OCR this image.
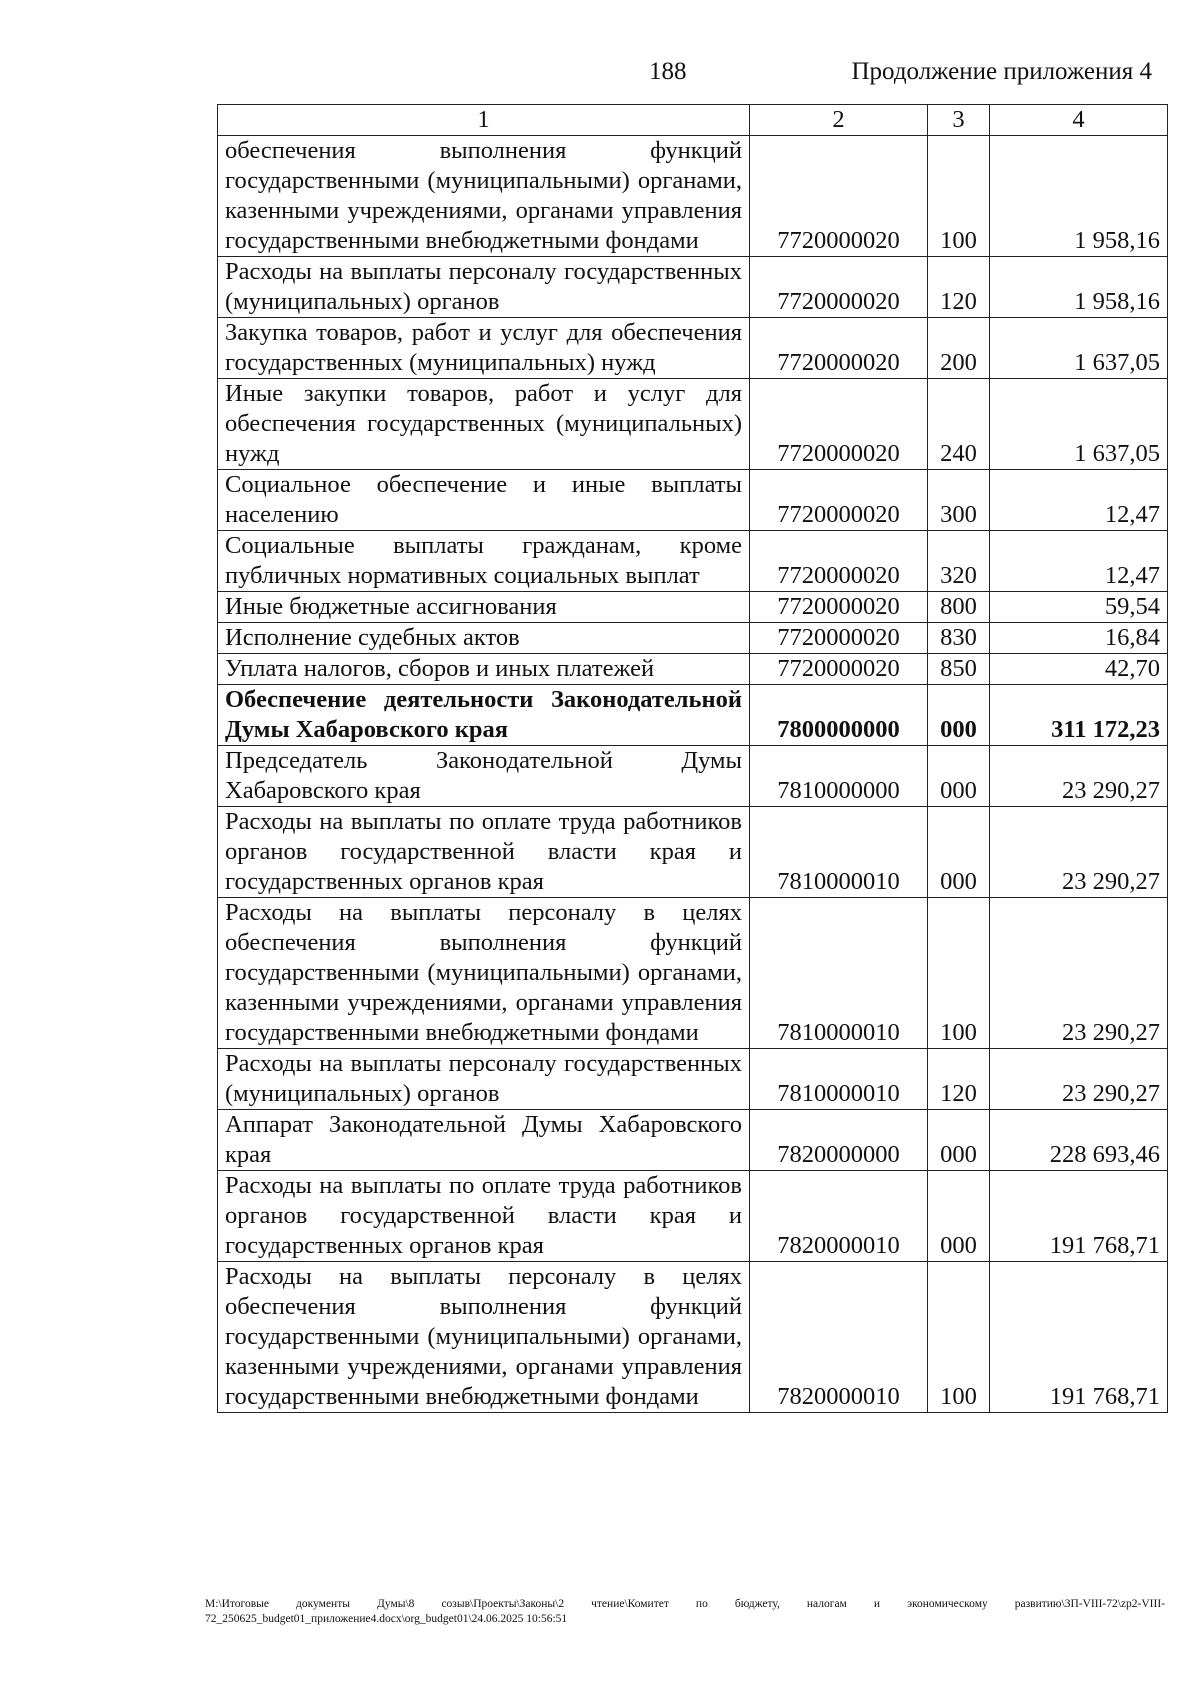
188	Продолжение приложения 4
1	2	3	4
обеспечения выполнения функций государственными (муниципальными) органами, казенными учреждениями, органами управления государственными внебюджетными фондами	7720000020	100	1 958,16
Расходы на выплаты персоналу государственных (муниципальных) органов	7720000020	120	1 958,16
Закупка товаров, работ и услуг для обеспечения государственных (муниципальных) нужд	7720000020	200	1 637,05
Иные закупки товаров, работ и услуг для обеспечения государственных (муниципальных) нужд	7720000020	240	1 637,05
Социальное обеспечение и иные выплаты населению	7720000020	300	12,47
Социальные выплаты гражданам, кроме публичных нормативных социальных выплат	7720000020	320	12,47
Иные бюджетные ассигнования	7720000020	800	59,54
Исполнение судебных актов	7720000020	830	16,84
Уплата налогов, сборов и иных платежей	7720000020	850	42,70
Обеспечение деятельности Законодательной Думы Хабаровского края	7800000000	000	311 172,23
Председатель Законодательной Думы Хабаровского края	7810000000	000	23 290,27
Расходы на выплаты по оплате труда работников органов государственной власти края и государственных органов края	7810000010	000	23 290,27
Расходы на выплаты персоналу в целях обеспечения выполнения функций государственными (муниципальными) органами, казенными учреждениями, органами управления государственными внебюджетными фондами	7810000010	100	23 290,27
Расходы на выплаты персоналу государственных (муниципальных) органов	7810000010	120	23 290,27
Аппарат Законодательной Думы Хабаровского края	7820000000	000	228 693,46
Расходы на выплаты по оплате труда работников органов государственной власти края и государственных органов края	7820000010	000	191 768,71
Расходы на выплаты персоналу в целях обеспечения выполнения функций государственными (муниципальными) органами, казенными учреждениями, органами управления государственными внебюджетными фондами	7820000010	100	191 768,71
M:\Итоговые документы Думы\8 созыв\Проекты\Законы\2 чтение\Комитет по бюджету, налогам и экономическому развитию\ЗП-VIII-72\zp2-VIII-72_250625_budget01_приложение4.docx\org_budget01\24.06.2025 10:56:51
